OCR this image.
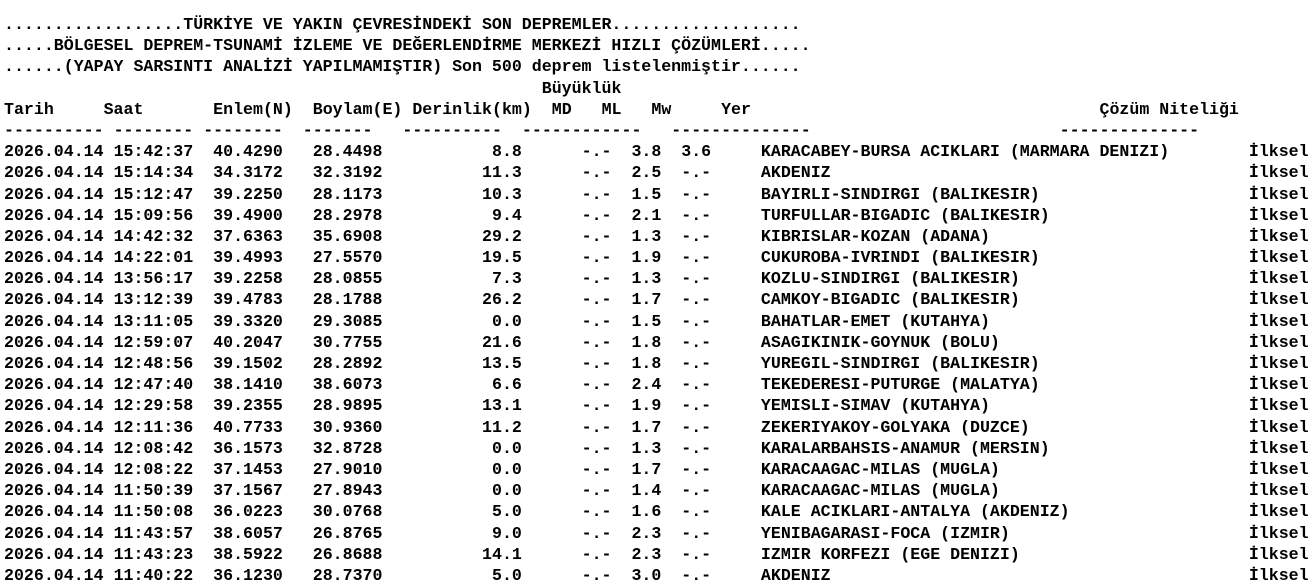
..................TÜRKİYE VE YAKIN ÇEVRESİNDEKİ SON DEPREMLER...................
.....BÖLGESEL DEPREM-TSUNAMİ İZLEME VE DEĞERLENDİRME MERKEZİ HIZLI ÇÖZÜMLERİ.....
......(YAPAY SARSINTI ANALİZİ YAPILMAMIŞTIR) Son 500 deprem listelenmiştir......
Büyüklük
Tarih	Saat	Enlem(N) Boylam(E) Derinlik(km) MD ML Mw	Yer	Çözüm Niteliği
---------- -------- -------- ------- ---------- ------------ --------------	--------------
2026.04.14 15:42:37 40.4290 28.4498           8.8	-.- 3.8 3.6	KARACABEY-BURSA ACIKLARI (MARMARA DENIZI)        İlksel
2026.04.14 15:14:34 34.3172 32.3192          11.3	-.- 2.5 -.-	AKDENIZ                                          İlksel
2026.04.14 15:12:47 39.2250 28.1173          10.3	-.- 1.5 -.-	BAYIRLI-SINDIRGI (BALIKESIR)                     İlksel
2026.04.14 15:09:56 39.4900 28.2978           9.4	-.- 2.1 -.-	TURFULLAR-BIGADIC (BALIKESIR)                    İlksel
2026.04.14 14:42:32 37.6363 35.6908          29.2	-.- 1.3 -.-	KIBRISLAR-KOZAN (ADANA)                          İlksel
2026.04.14 14:22:01 39.4993 27.5570          19.5	-.- 1.9 -.-	CUKUROBA-IVRINDI (BALIKESIR)                     İlksel
2026.04.14 13:56:17 39.2258 28.0855           7.3	-.- 1.3 -.-	KOZLU-SINDIRGI (BALIKESIR)                       İlksel
2026.04.14 13:12:39 39.4783 28.1788          26.2	-.- 1.7 -.-	CAMKOY-BIGADIC (BALIKESIR)                       İlksel
2026.04.14 13:11:05 39.3320 29.3085           0.0	-.- 1.5 -.-	BAHATLAR-EMET (KUTAHYA)                          İlksel
2026.04.14 12:59:07 40.2047 30.7755          21.6	-.- 1.8 -.-	ASAGIKINIK-GOYNUK (BOLU)                         İlksel
2026.04.14 12:48:56 39.1502 28.2892          13.5	-.- 1.8 -.-	YUREGIL-SINDIRGI (BALIKESIR)                     İlksel
2026.04.14 12:47:40 38.1410 38.6073           6.6	-.- 2.4 -.-	TEKEDERESI-PUTURGE (MALATYA)                     İlksel
2026.04.14 12:29:58 39.2355 28.9895          13.1	-.- 1.9 -.-	YEMISLI-SIMAV (KUTAHYA)                          İlksel
2026.04.14 12:11:36 40.7733 30.9360          11.2	-.- 1.7 -.-	ZEKERIYAKOY-GOLYAKA (DUZCE)                      İlksel
2026.04.14 12:08:42 36.1573 32.8728           0.0	-.- 1.3 -.-	KARALARBAHSIS-ANAMUR (MERSIN)                    İlksel
2026.04.14 12:08:22 37.1453 27.9010           0.0	-.- 1.7 -.-	KARACAAGAC-MILAS (MUGLA)                         İlksel
2026.04.14 11:50:39 37.1567 27.8943           0.0	-.- 1.4 -.-	KARACAAGAC-MILAS (MUGLA)                         İlksel
2026.04.14 11:50:08 36.0223 30.0768           5.0	-.- 1.6 -.-	KALE ACIKLARI-ANTALYA (AKDENIZ)                  İlksel
2026.04.14 11:43:57 38.6057 26.8765           9.0	-.- 2.3 -.-	YENIBAGARASI-FOCA (IZMIR)                        İlksel
2026.04.14 11:43:23 38.5922 26.8688          14.1	-.- 2.3 -.-	IZMIR KORFEZI (EGE DENIZI)                       İlksel
2026.04.14 11:40:22 36.1230 28.7370           5.0	-.- 3.0 -.-	AKDENIZ                                          İlksel
